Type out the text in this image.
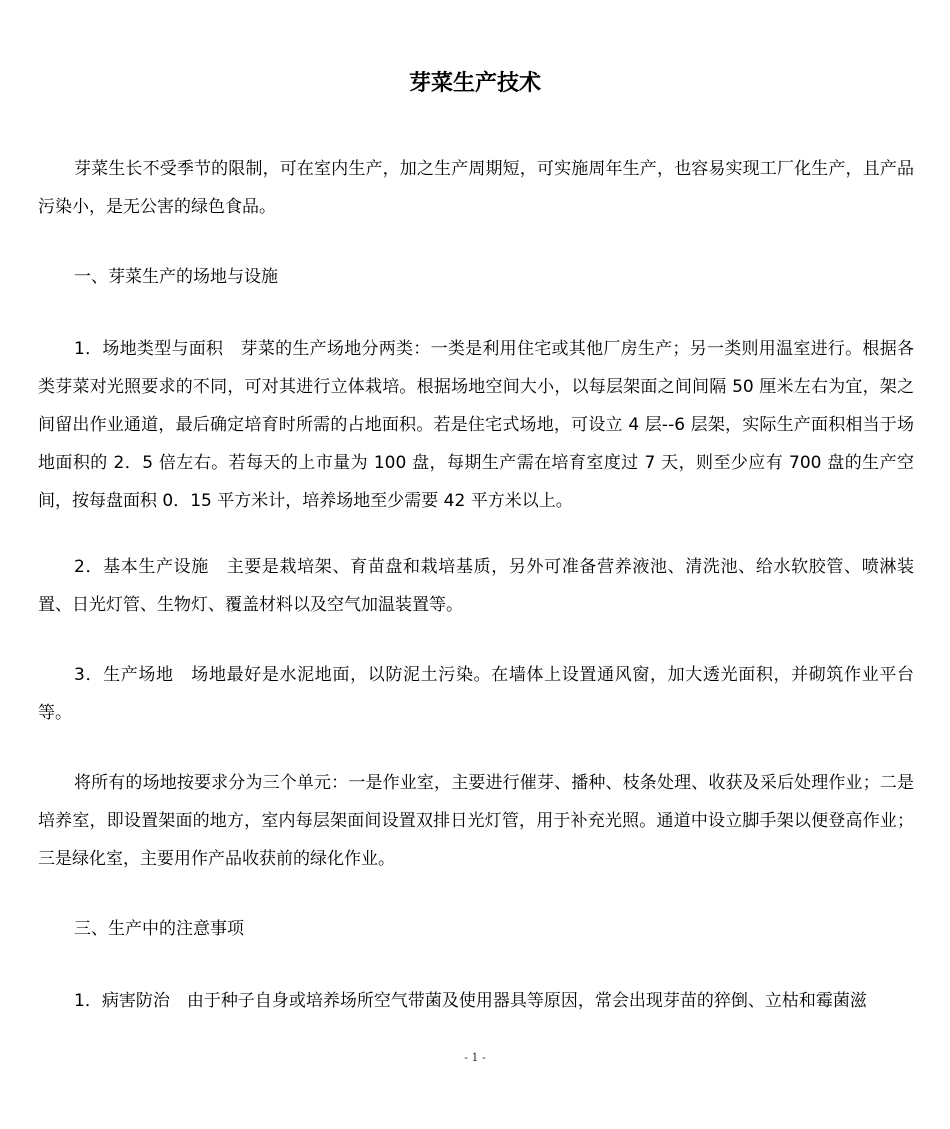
芽菜生产技术

芽菜生长不受季节的限制，可在室内生产，加之生产周期短，可实施周年生产，也容易实现工厂化生产，且产品污染小，是无公害的绿色食品。

一、芽菜生产的场地与设施

1．场地类型与面积　芽菜的生产场地分两类：一类是利用住宅或其他厂房生产；另一类则用温室进行。根据各类芽菜对光照要求的不同，可对其进行立体栽培。根据场地空间大小，以每层架面之间间隔 50 厘米左右为宜，架之间留出作业通道，最后确定培育时所需的占地面积。若是住宅式场地，可设立 4 层--6 层架，实际生产面积相当于场地面积的 2．5 倍左右。若每天的上市量为 100 盘，每期生产需在培育室度过 7 天，则至少应有 700 盘的生产空间，按每盘面积 0．15 平方米计，培养场地至少需要 42 平方米以上。

2．基本生产设施　主要是栽培架、育苗盘和栽培基质，另外可准备营养液池、清洗池、给水软胶管、喷淋装置、日光灯管、生物灯、覆盖材料以及空气加温装置等。

3．生产场地　场地最好是水泥地面，以防泥土污染。在墙体上设置通风窗，加大透光面积，并砌筑作业平台等。

将所有的场地按要求分为三个单元：一是作业室，主要进行催芽、播种、枝条处理、收获及采后处理作业；二是培养室，即设置架面的地方，室内每层架面间设置双排日光灯管，用于补充光照。通道中设立脚手架以便登高作业；三是绿化室，主要用作产品收获前的绿化作业。

三、生产中的注意事项

1．病害防治　由于种子自身或培养场所空气带菌及使用器具等原因，常会出现芽苗的猝倒、立枯和霉菌滋

- 1 -
